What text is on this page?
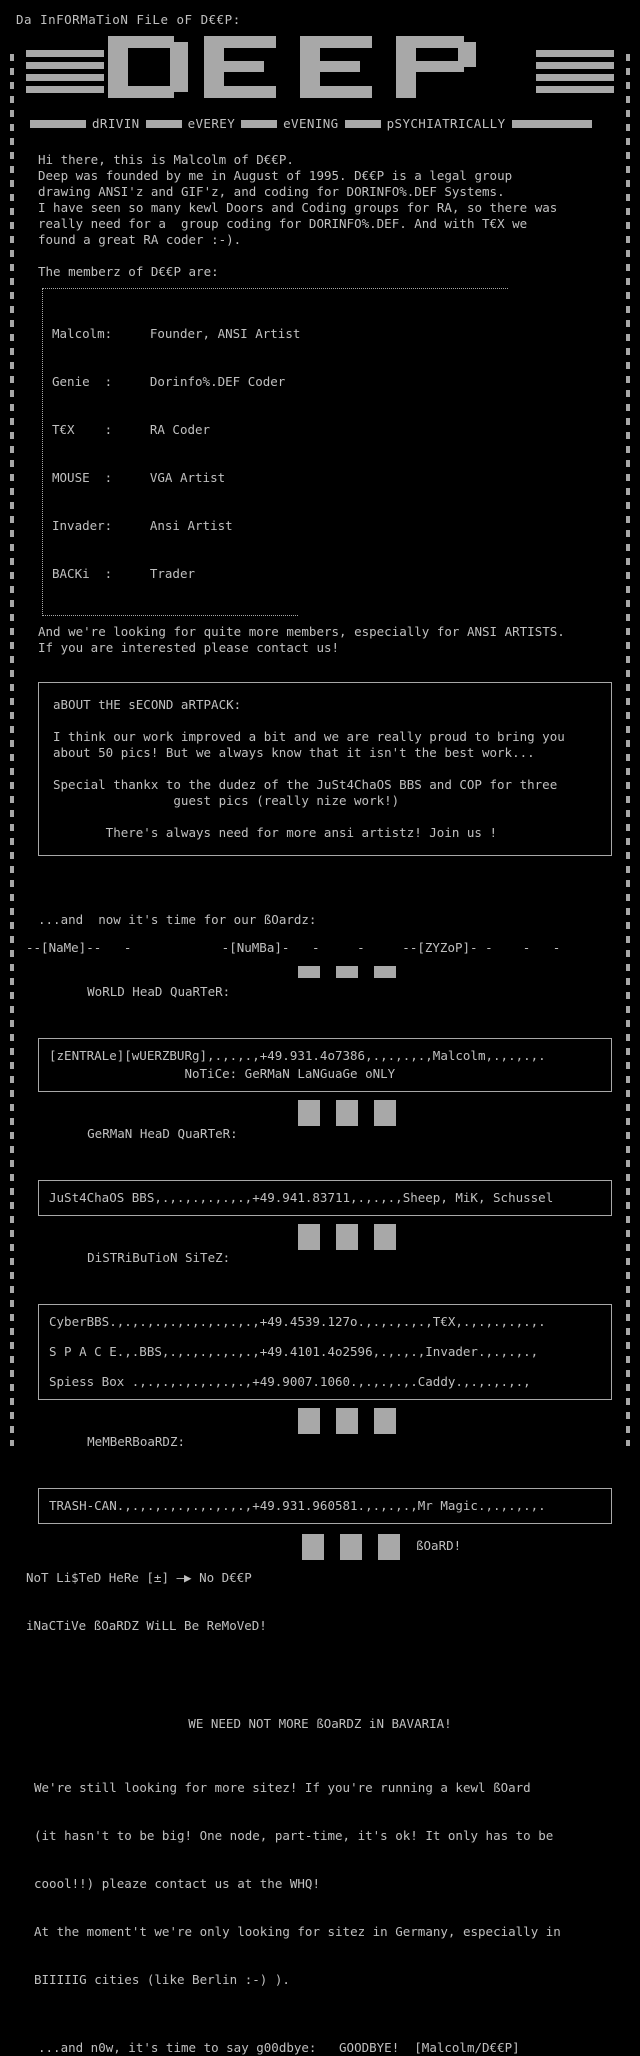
Da InFORMaTioN FiLe oF D€€P:
dRIVIN	eVEREY	eVENING	pSYCHIATRICALLY
Hi there, this is Malcolm of D€€P.
Deep was founded by me in August of 1995. D€€P is a legal group
drawing ANSI'z and GIF'z, and coding for DORINFO%.DEF Systems.
I have seen so many kewl Doors and Coding groups for RA, so there was
really need for a  group coding for DORINFO%.DEF. And with T€X we
found a great RA coder :-).
The memberz of D€€P are:

Malcolm:	Founder, ANSI Artist

Genie  :	Dorinfo%.DEF Coder

T€X    :	RA Coder

MOUSE  :	VGA Artist

Invader:	Ansi Artist

BACKi  :	Trader

And we're looking for quite more members, especially for ANSI ARTISTS.
If you are interested please contact us!
aBOUT tHE sECOND aRTPACK:
I think our work improved a bit and we are really proud to bring you
about 50 pics! But we always know that it isn't the best work...
Special thankx to the dudez of the JuSt4ChaOS BBS and COP for three
guest pics (really nize work!)
There's always need for more ansi artistz! Join us !
...and  now it's time for our ßOardz:
--[NaMe]--   -            -[NuMBa]-   -     -     --[ZYZoP]- -    -   -

WoRLD HeaD QuaRTeR:

[zENTRALe][wUERZBURg],.,.,.,+49.931.4o7386,.,.,.,.,Malcolm,.,.,.,.
NoTiCe: GeRMaN LaNGuaGe oNLY

GeRMaN HeaD QuaRTeR:

JuSt4ChaOS BBS,.,.,.,.,.,.,+49.941.83711,.,.,.,Sheep, MiK, Schussel

DiSTRiBuTioN SiTeZ:

CyberBBS.,.,.,.,.,.,.,.,.,.,+49.4539.127o.,.,.,.,.,T€X,.,.,.,.,.,.
S P A C E.,.BBS,.,.,.,.,.,.,+49.4101.4o2596,.,.,.,Invader.,.,.,.,
Spiess Box .,.,.,.,.,.,.,.,+49.9007.1060.,.,.,.,.Caddy.,.,.,.,.,

MeMBeRBoaRDZ:

TRASH-CAN.,.,.,.,.,.,.,.,.,+49.931.960581.,.,.,.,Mr Magic.,.,.,.,.

NoT Li$TeD HeRe [±] —▶ No D€€P

iNaCTiVe ßOaRDZ WiLL Be ReMoVeD!

ßOaRD!

WE NEED NOT MORE ßOaRDZ iN BAVARIA!

We're still looking for more sitez! If you're running a kewl ßOard

(it hasn't to be big! One node, part-time, it's ok! It only has to be

coool!!) pleaze contact us at the WHQ!

At the moment't we're only looking for sitez in Germany, especially in

BIIIIIG cities (like Berlin :-) ).

...and n0w, it's time to say g00dbye:   GOODBYE!  [Malcolm/D€€P]
